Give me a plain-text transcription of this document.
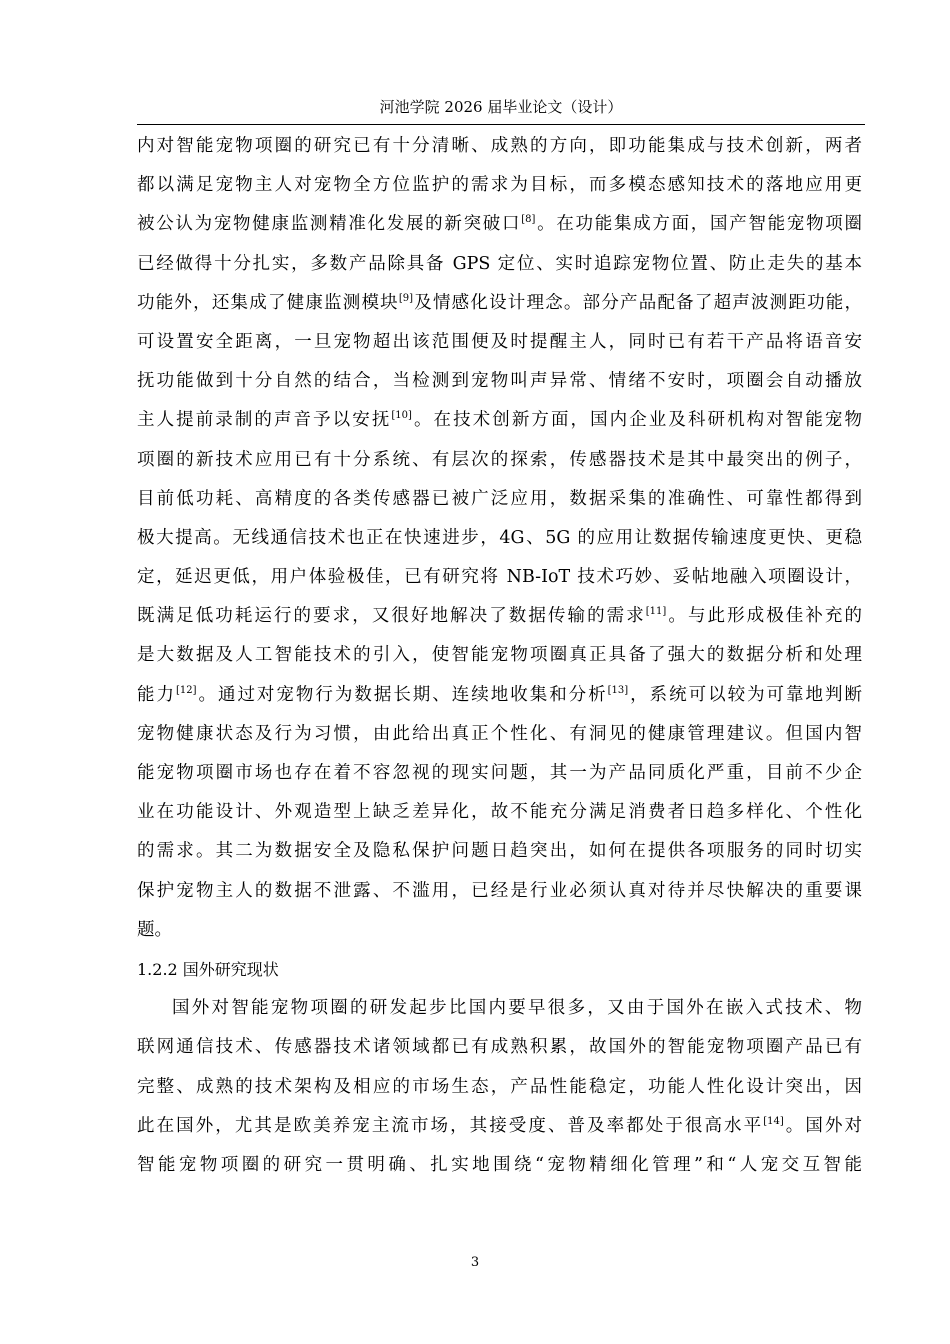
河池学院 2026 届毕业论文（设计）
内对智能宠物项圈的研究已有十分清晰、成熟的方向，即功能集成与技术创新，两者
都以满足宠物主人对宠物全方位监护的需求为目标，而多模态感知技术的落地应用更
被公认为宠物健康监测精准化发展的新突破口[8]。在功能集成方面，国产智能宠物项圈
已经做得十分扎实，多数产品除具备 GPS 定位、实时追踪宠物位置、防止走失的基本
功能外，还集成了健康监测模块[9]及情感化设计理念。部分产品配备了超声波测距功能，
可设置安全距离，一旦宠物超出该范围便及时提醒主人，同时已有若干产品将语音安
抚功能做到十分自然的结合，当检测到宠物叫声异常、情绪不安时，项圈会自动播放
主人提前录制的声音予以安抚[10]。在技术创新方面，国内企业及科研机构对智能宠物
项圈的新技术应用已有十分系统、有层次的探索，传感器技术是其中最突出的例子，
目前低功耗、高精度的各类传感器已被广泛应用，数据采集的准确性、可靠性都得到
极大提高。无线通信技术也正在快速进步，4G、5G 的应用让数据传输速度更快、更稳
定，延迟更低，用户体验极佳，已有研究将 NB-IoT 技术巧妙、妥帖地融入项圈设计，
既满足低功耗运行的要求，又很好地解决了数据传输的需求[11]。与此形成极佳补充的
是大数据及人工智能技术的引入，使智能宠物项圈真正具备了强大的数据分析和处理
能力[12]。通过对宠物行为数据长期、连续地收集和分析[13]，系统可以较为可靠地判断
宠物健康状态及行为习惯，由此给出真正个性化、有洞见的健康管理建议。但国内智
能宠物项圈市场也存在着不容忽视的现实问题，其一为产品同质化严重，目前不少企
业在功能设计、外观造型上缺乏差异化，故不能充分满足消费者日趋多样化、个性化
的需求。其二为数据安全及隐私保护问题日趋突出，如何在提供各项服务的同时切实
保护宠物主人的数据不泄露、不滥用，已经是行业必须认真对待并尽快解决的重要课
题。
1.2.2 国外研究现状
国外对智能宠物项圈的研发起步比国内要早很多，又由于国外在嵌入式技术、物
联网通信技术、传感器技术诸领域都已有成熟积累，故国外的智能宠物项圈产品已有
完整、成熟的技术架构及相应的市场生态，产品性能稳定，功能人性化设计突出，因
此在国外，尤其是欧美养宠主流市场，其接受度、普及率都处于很高水平[14]。国外对
智能宠物项圈的研究一贯明确、扎实地围绕“宠物精细化管理”和“人宠交互智能
3
